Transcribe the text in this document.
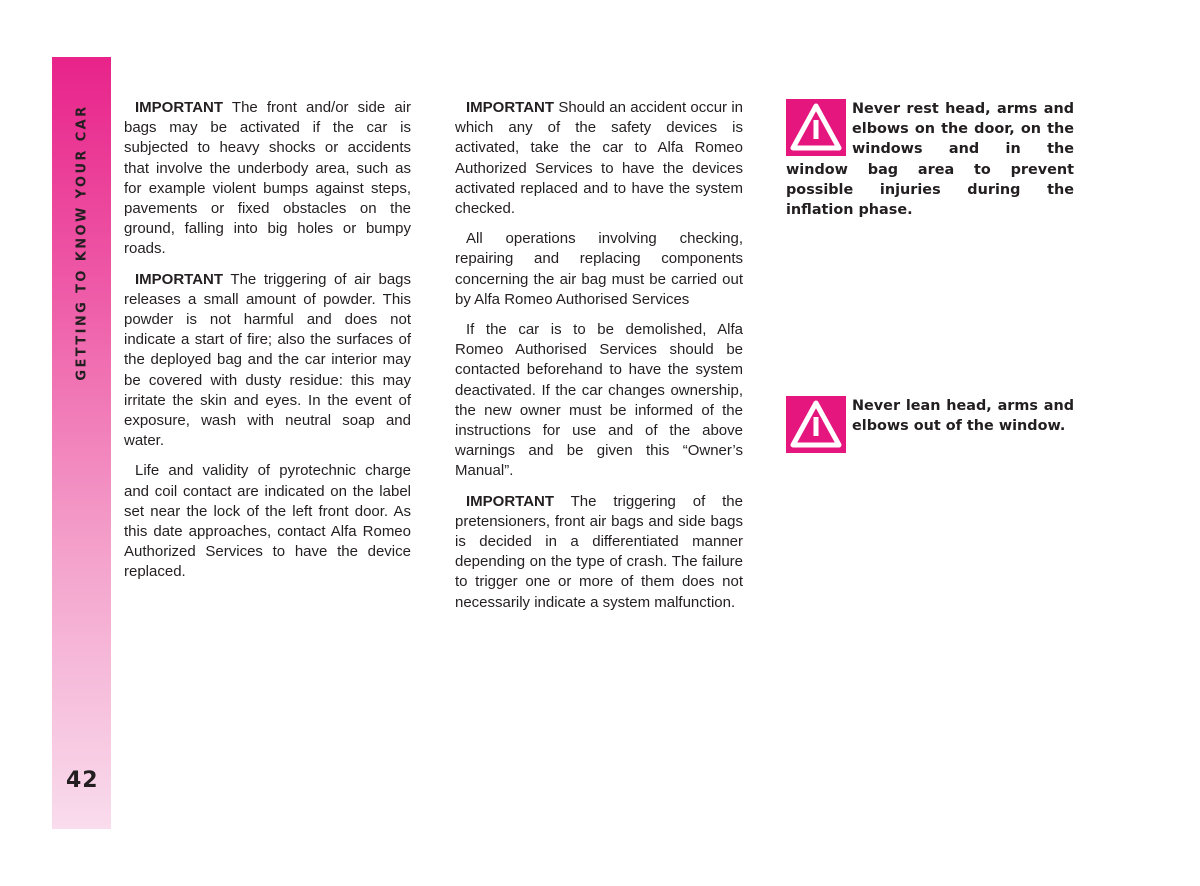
GETTING TO KNOW YOUR CAR
42

IMPORTANT The front and/or side air bags may be activated if the car is subjected to heavy shocks or accidents that involve the underbody area, such as for example violent bumps against steps, pavements or fixed obstacles on the ground, falling into big holes or bumpy roads.

IMPORTANT The triggering of air bags releases a small amount of powder. This powder is not harmful and does not indicate a start of fire; also the surfaces of the deployed bag and the car interior may be covered with dusty residue: this may irritate the skin and eyes. In the event of exposure, wash with neutral soap and water.

Life and validity of pyrotechnic charge and coil contact are indicated on the label set near the lock of the left front door. As this date approaches, contact Alfa Romeo Authorized Services to have the device replaced.

IMPORTANT Should an accident occur in which any of the safety devices is activated, take the car to Alfa Romeo Authorized Services to have the devices activated replaced and to have the system checked.

All operations involving checking, repairing and replacing components concerning the air bag must be carried out by Alfa Romeo Authorised Services

If the car is to be demolished, Alfa Romeo Authorised Services should be contacted beforehand to have the system deactivated. If the car changes ownership, the new owner must be informed of the instructions for use and of the above warnings and be given this “Owner’s Manual”.

IMPORTANT The triggering of the pretensioners, front air bags and side bags is decided in a differentiated manner depending on the type of crash. The failure to trigger one or more of them does not necessarily indicate a system malfunction.

Never rest head, arms and elbows on the door, on the windows and in the window bag area to prevent possible injuries during the inflation phase.
Never lean head, arms and elbows out of the window.
